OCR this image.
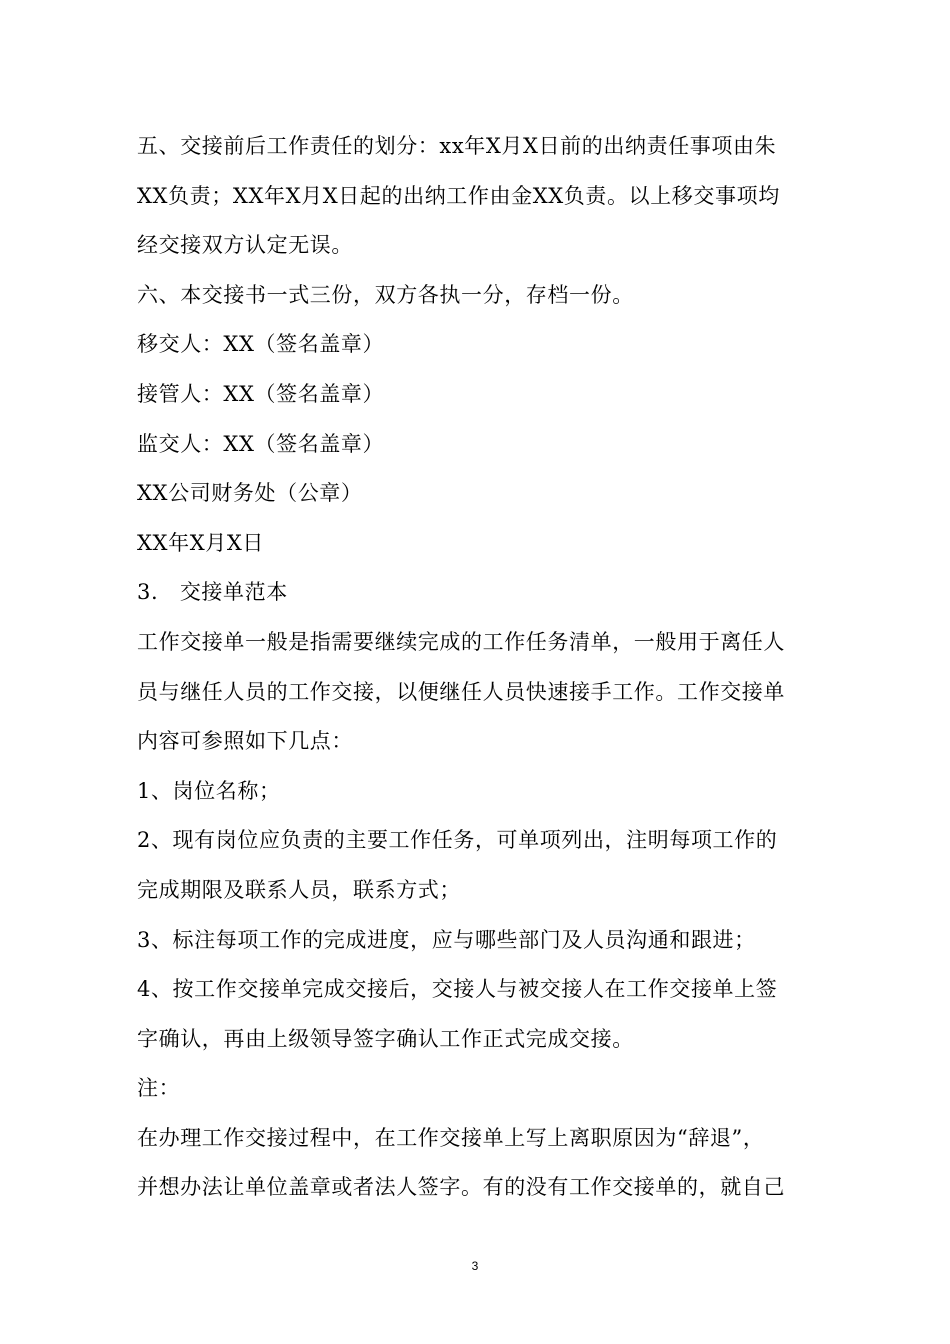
五、交接前后工作责任的划分：xx年X月X日前的出纳责任事项由朱
XX负责；XX年X月X日起的出纳工作由金XX负责。以上移交事项均
经交接双方认定无误。

六、本交接书一式三份，双方各执一分，存档一份。

移交人：XX（签名盖章）

接管人：XX（签名盖章）

监交人：XX（签名盖章）

XX公司财务处（公章）

XX年X月X日

3.　交接单范本

工作交接单一般是指需要继续完成的工作任务清单，一般用于离任人
员与继任人员的工作交接，以便继任人员快速接手工作。工作交接单
内容可参照如下几点：

1、岗位名称；

2、现有岗位应负责的主要工作任务，可单项列出，注明每项工作的
完成期限及联系人员，联系方式；

3、标注每项工作的完成进度，应与哪些部门及人员沟通和跟进；

4、按工作交接单完成交接后，交接人与被交接人在工作交接单上签
字确认，再由上级领导签字确认工作正式完成交接。

注：

在办理工作交接过程中，在工作交接单上写上离职原因为“辞退”，
并想办法让单位盖章或者法人签字。有的没有工作交接单的，就自己

3
